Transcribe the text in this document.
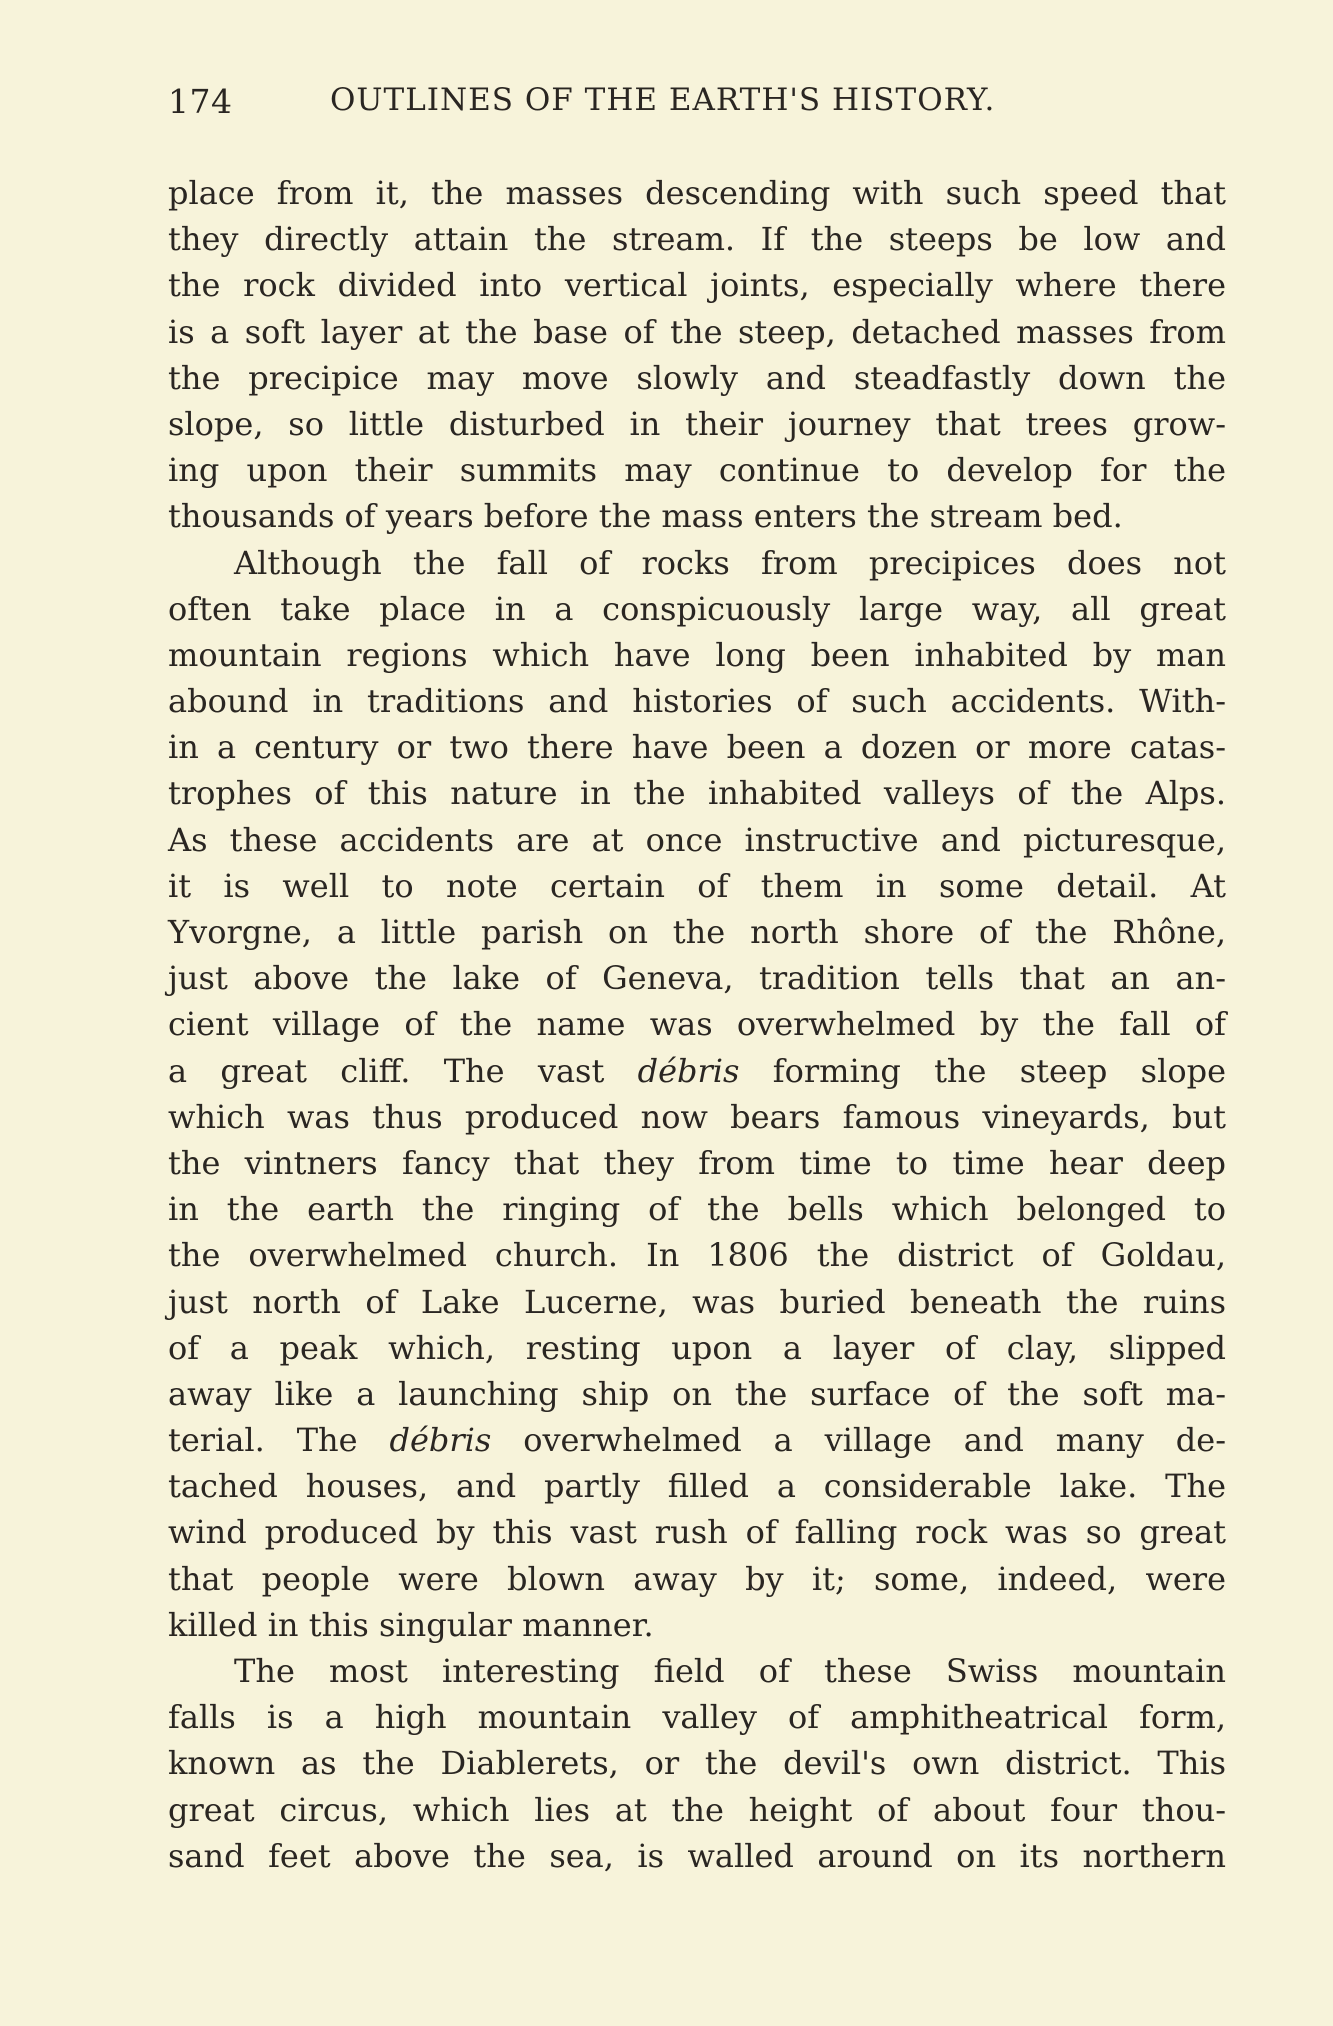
174	OUTLINES OF THE EARTH'S HISTORY.
place from it, the masses descending with such speed that
they directly attain the stream. If the steeps be low and
the rock divided into vertical joints, especially where there
is a soft layer at the base of the steep, detached masses from
the precipice may move slowly and steadfastly down the
slope, so little disturbed in their journey that trees grow-
ing upon their summits may continue to develop for the
thousands of years before the mass enters the stream bed.
Although the fall of rocks from precipices does not
often take place in a conspicuously large way, all great
mountain regions which have long been inhabited by man
abound in traditions and histories of such accidents. With-
in a century or two there have been a dozen or more catas-
trophes of this nature in the inhabited valleys of the Alps.
As these accidents are at once instructive and picturesque,
it is well to note certain of them in some detail. At
Yvorgne, a little parish on the north shore of the Rhône,
just above the lake of Geneva, tradition tells that an an-
cient village of the name was overwhelmed by the fall of
a great cliff. The vast débris forming the steep slope
which was thus produced now bears famous vineyards, but
the vintners fancy that they from time to time hear deep
in the earth the ringing of the bells which belonged to
the overwhelmed church. In 1806 the district of Goldau,
just north of Lake Lucerne, was buried beneath the ruins
of a peak which, resting upon a layer of clay, slipped
away like a launching ship on the surface of the soft ma-
terial. The débris overwhelmed a village and many de-
tached houses, and partly filled a considerable lake. The
wind produced by this vast rush of falling rock was so great
that people were blown away by it; some, indeed, were
killed in this singular manner.
The most interesting field of these Swiss mountain
falls is a high mountain valley of amphitheatrical form,
known as the Diablerets, or the devil's own district. This
great circus, which lies at the height of about four thou-
sand feet above the sea, is walled around on its northern
